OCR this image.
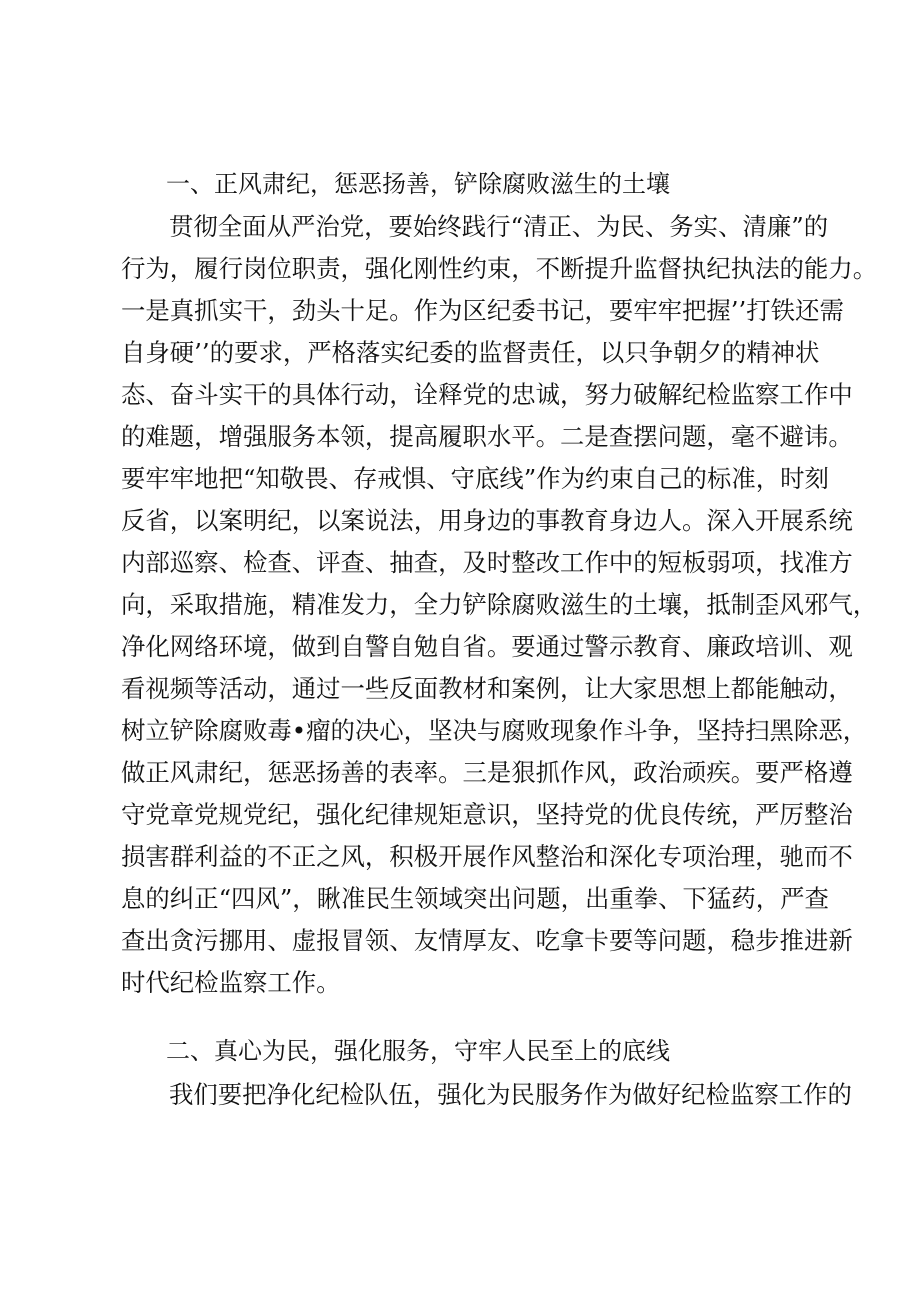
一、正风肃纪，惩恶扬善，铲除腐败滋生的土壤
贯彻全面从严治党，要始终践行“清正、为民、务实、清廉”的
行为，履行岗位职责，强化刚性约束，不断提升监督执纪执法的能力。
一是真抓实干，劲头十足。作为区纪委书记，要牢牢把握’’打铁还需
自身硬’’的要求，严格落实纪委的监督责任，以只争朝夕的精神状
态、奋斗实干的具体行动，诠释党的忠诚，努力破解纪检监察工作中
的难题，增强服务本领，提高履职水平。二是查摆问题，毫不避讳。
要牢牢地把“知敬畏、存戒惧、守底线”作为约束自己的标准，时刻
反省，以案明纪，以案说法，用身边的事教育身边人。深入开展系统
内部巡察、检查、评查、抽查，及时整改工作中的短板弱项，找准方
向，采取措施，精准发力，全力铲除腐败滋生的土壤，抵制歪风邪气，
净化网络环境，做到自警自勉自省。要通过警示教育、廉政培训、观
看视频等活动，通过一些反面教材和案例，让大家思想上都能触动，
树立铲除腐败毒•瘤的决心，坚决与腐败现象作斗争，坚持扫黑除恶，
做正风肃纪，惩恶扬善的表率。三是狠抓作风，政治顽疾。要严格遵
守党章党规党纪，强化纪律规矩意识，坚持党的优良传统，严厉整治
损害群利益的不正之风，积极开展作风整治和深化专项治理，驰而不
息的纠正“四风”，瞅准民生领域突出问题，出重拳、下猛药，严查
查出贪污挪用、虚报冒领、友情厚友、吃拿卡要等问题，稳步推进新
时代纪检监察工作。
二、真心为民，强化服务，守牢人民至上的底线
我们要把净化纪检队伍，强化为民服务作为做好纪检监察工作的
